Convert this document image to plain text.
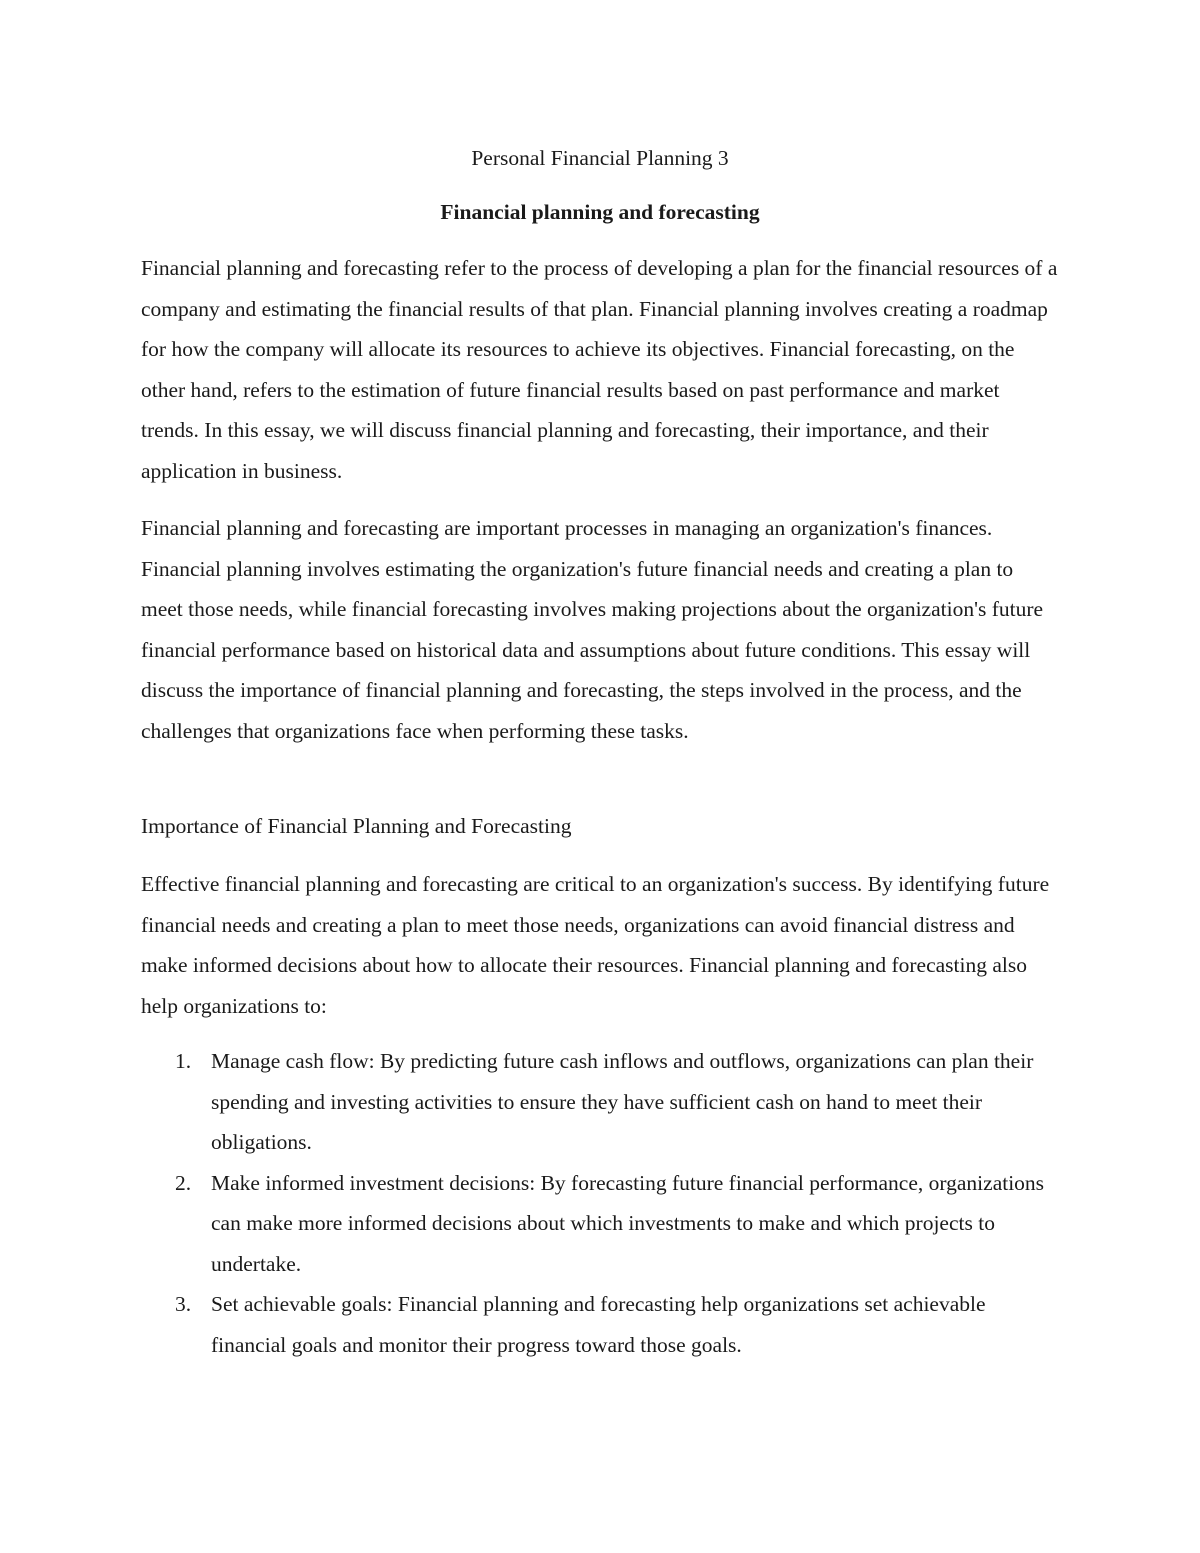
Personal Financial Planning 3

Financial planning and forecasting

Financial planning and forecasting refer to the process of developing a plan for the financial resources of a company and estimating the financial results of that plan. Financial planning involves creating a roadmap for how the company will allocate its resources to achieve its objectives. Financial forecasting, on the other hand, refers to the estimation of future financial results based on past performance and market trends. In this essay, we will discuss financial planning and forecasting, their importance, and their application in business.

Financial planning and forecasting are important processes in managing an organization's finances. Financial planning involves estimating the organization's future financial needs and creating a plan to meet those needs, while financial forecasting involves making projections about the organization's future financial performance based on historical data and assumptions about future conditions. This essay will discuss the importance of financial planning and forecasting, the steps involved in the process, and the challenges that organizations face when performing these tasks.

Importance of Financial Planning and Forecasting

Effective financial planning and forecasting are critical to an organization's success. By identifying future financial needs and creating a plan to meet those needs, organizations can avoid financial distress and make informed decisions about how to allocate their resources. Financial planning and forecasting also help organizations to:

1. Manage cash flow: By predicting future cash inflows and outflows, organizations can plan their spending and investing activities to ensure they have sufficient cash on hand to meet their obligations.
2. Make informed investment decisions: By forecasting future financial performance, organizations can make more informed decisions about which investments to make and which projects to undertake.
3. Set achievable goals: Financial planning and forecasting help organizations set achievable financial goals and monitor their progress toward those goals.
